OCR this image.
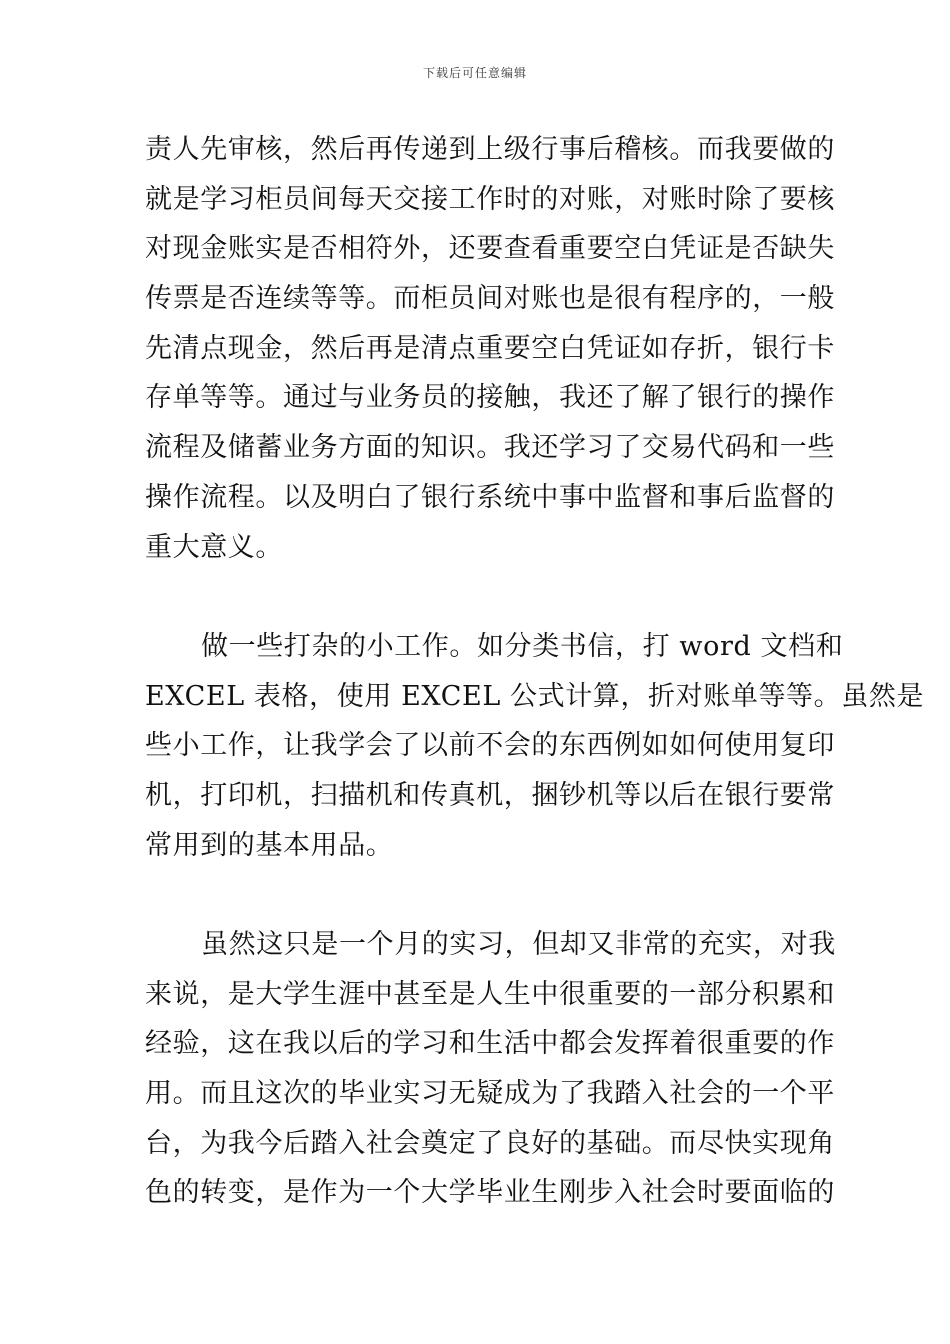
下载后可任意编辑
责人先审核，然后再传递到上级行事后稽核。而我要做的
就是学习柜员间每天交接工作时的对账，对账时除了要核
对现金账实是否相符外，还要查看重要空白凭证是否缺失
传票是否连续等等。而柜员间对账也是很有程序的，一般
先清点现金，然后再是清点重要空白凭证如存折，银行卡
存单等等。通过与业务员的接触，我还了解了银行的操作
流程及储蓄业务方面的知识。我还学习了交易代码和一些
操作流程。以及明白了银行系统中事中监督和事后监督的
重大意义。
做一些打杂的小工作。如分类书信，打 word 文档和
EXCEL 表格，使用 EXCEL 公式计算，折对账单等等。虽然是
些小工作，让我学会了以前不会的东西例如如何使用复印
机，打印机，扫描机和传真机，捆钞机等以后在银行要常
常用到的基本用品。
虽然这只是一个月的实习，但却又非常的充实，对我
来说，是大学生涯中甚至是人生中很重要的一部分积累和
经验，这在我以后的学习和生活中都会发挥着很重要的作
用。而且这次的毕业实习无疑成为了我踏入社会的一个平
台，为我今后踏入社会奠定了良好的基础。而尽快实现角
色的转变，是作为一个大学毕业生刚步入社会时要面临的
